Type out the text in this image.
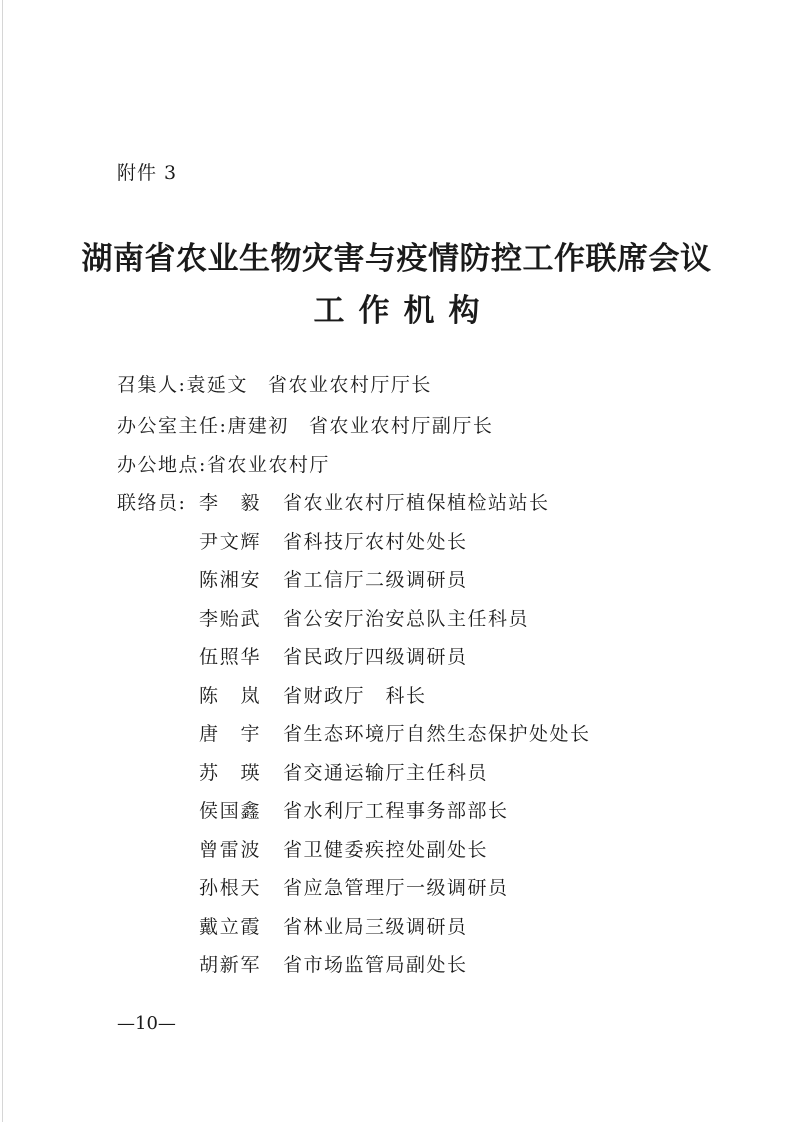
附件 3
湖南省农业生物灾害与疫情防控工作联席会议
工作机构
召集人:袁延文 省农业农村厅厅长
办公室主任:唐建初 省农业农村厅副厅长
办公地点:省农业农村厅
联络员: 李　毅 省农业农村厅植保植检站站长
尹文辉 省科技厅农村处处长
陈湘安 省工信厅二级调研员
李贻武 省公安厅治安总队主任科员
伍照华 省民政厅四级调研员
陈　岚 省财政厅　科长
唐　宇 省生态环境厅自然生态保护处处长
苏　瑛 省交通运输厅主任科员
侯国鑫 省水利厅工程事务部部长
曾雷波 省卫健委疾控处副处长
孙根天 省应急管理厅一级调研员
戴立霞 省林业局三级调研员
胡新军 省市场监管局副处长
—10—
